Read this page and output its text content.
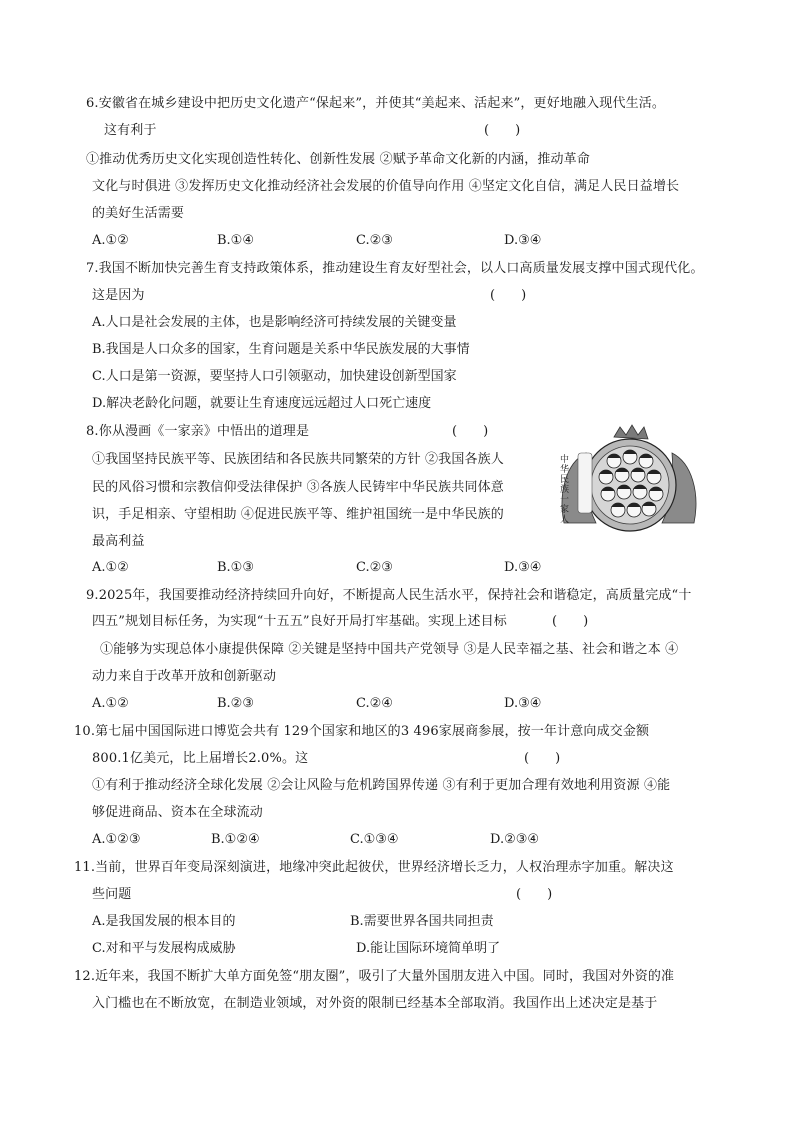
6.安徽省在城乡建设中把历史文化遗产“保起来”，并使其“美起来、活起来”，更好地融入现代生活。
这有利于	(　　)
①推动优秀历史文化实现创造性转化、创新性发展 ②赋予革命文化新的内涵，推动革命
文化与时俱进 ③发挥历史文化推动经济社会发展的价值导向作用 ④坚定文化自信，满足人民日益增长
的美好生活需要
A.①②	B.①④	C.②③	D.③④
7.我国不断加快完善生育支持政策体系，推动建设生育友好型社会，以人口高质量发展支撑中国式现代化。
这是因为	(　　)
A.人口是社会发展的主体，也是影响经济可持续发展的关键变量
B.我国是人口众多的国家，生育问题是关系中华民族发展的大事情
C.人口是第一资源，要坚持人口引领驱动，加快建设创新型国家
D.解决老龄化问题，就要让生育速度远远超过人口死亡速度
8.你从漫画《一家亲》中悟出的道理是	(　　)
①我国坚持民族平等、民族团结和各民族共同繁荣的方针 ②我国各族人
民的风俗习惯和宗教信仰受法律保护 ③各族人民铸牢中华民族共同体意
识，手足相亲、守望相助 ④促进民族平等、维护祖国统一是中华民族的
最高利益
A.①②	B.①③	C.②③	D.③④
中华民族一家人
9.2025年，我国要推动经济持续回升向好，不断提高人民生活水平，保持社会和谐稳定，高质量完成“十
四五”规划目标任务，为实现“十五五”良好开局打牢基础。实现上述目标	(　　)
①能够为实现总体小康提供保障 ②关键是坚持中国共产党领导 ③是人民幸福之基、社会和谐之本 ④
动力来自于改革开放和创新驱动
A.①②	B.②③	C.②④	D.③④
10.第七届中国国际进口博览会共有 129个国家和地区的3 496家展商参展，按一年计意向成交金额
800.1亿美元，比上届增长2.0%。这	(　　)
①有利于推动经济全球化发展 ②会让风险与危机跨国界传递 ③有利于更加合理有效地利用资源 ④能
够促进商品、资本在全球流动
A.①②③	B.①②④	C.①③④	D.②③④
11.当前，世界百年变局深刻演进，地缘冲突此起彼伏，世界经济增长乏力，人权治理赤字加重。解决这
些问题	(　　)
A.是我国发展的根本目的	B.需要世界各国共同担责
C.对和平与发展构成威胁	D.能让国际环境简单明了
12.近年来，我国不断扩大单方面免签“朋友圈”，吸引了大量外国朋友进入中国。同时，我国对外资的准
入门槛也在不断放宽，在制造业领域，对外资的限制已经基本全部取消。我国作出上述决定是基于
